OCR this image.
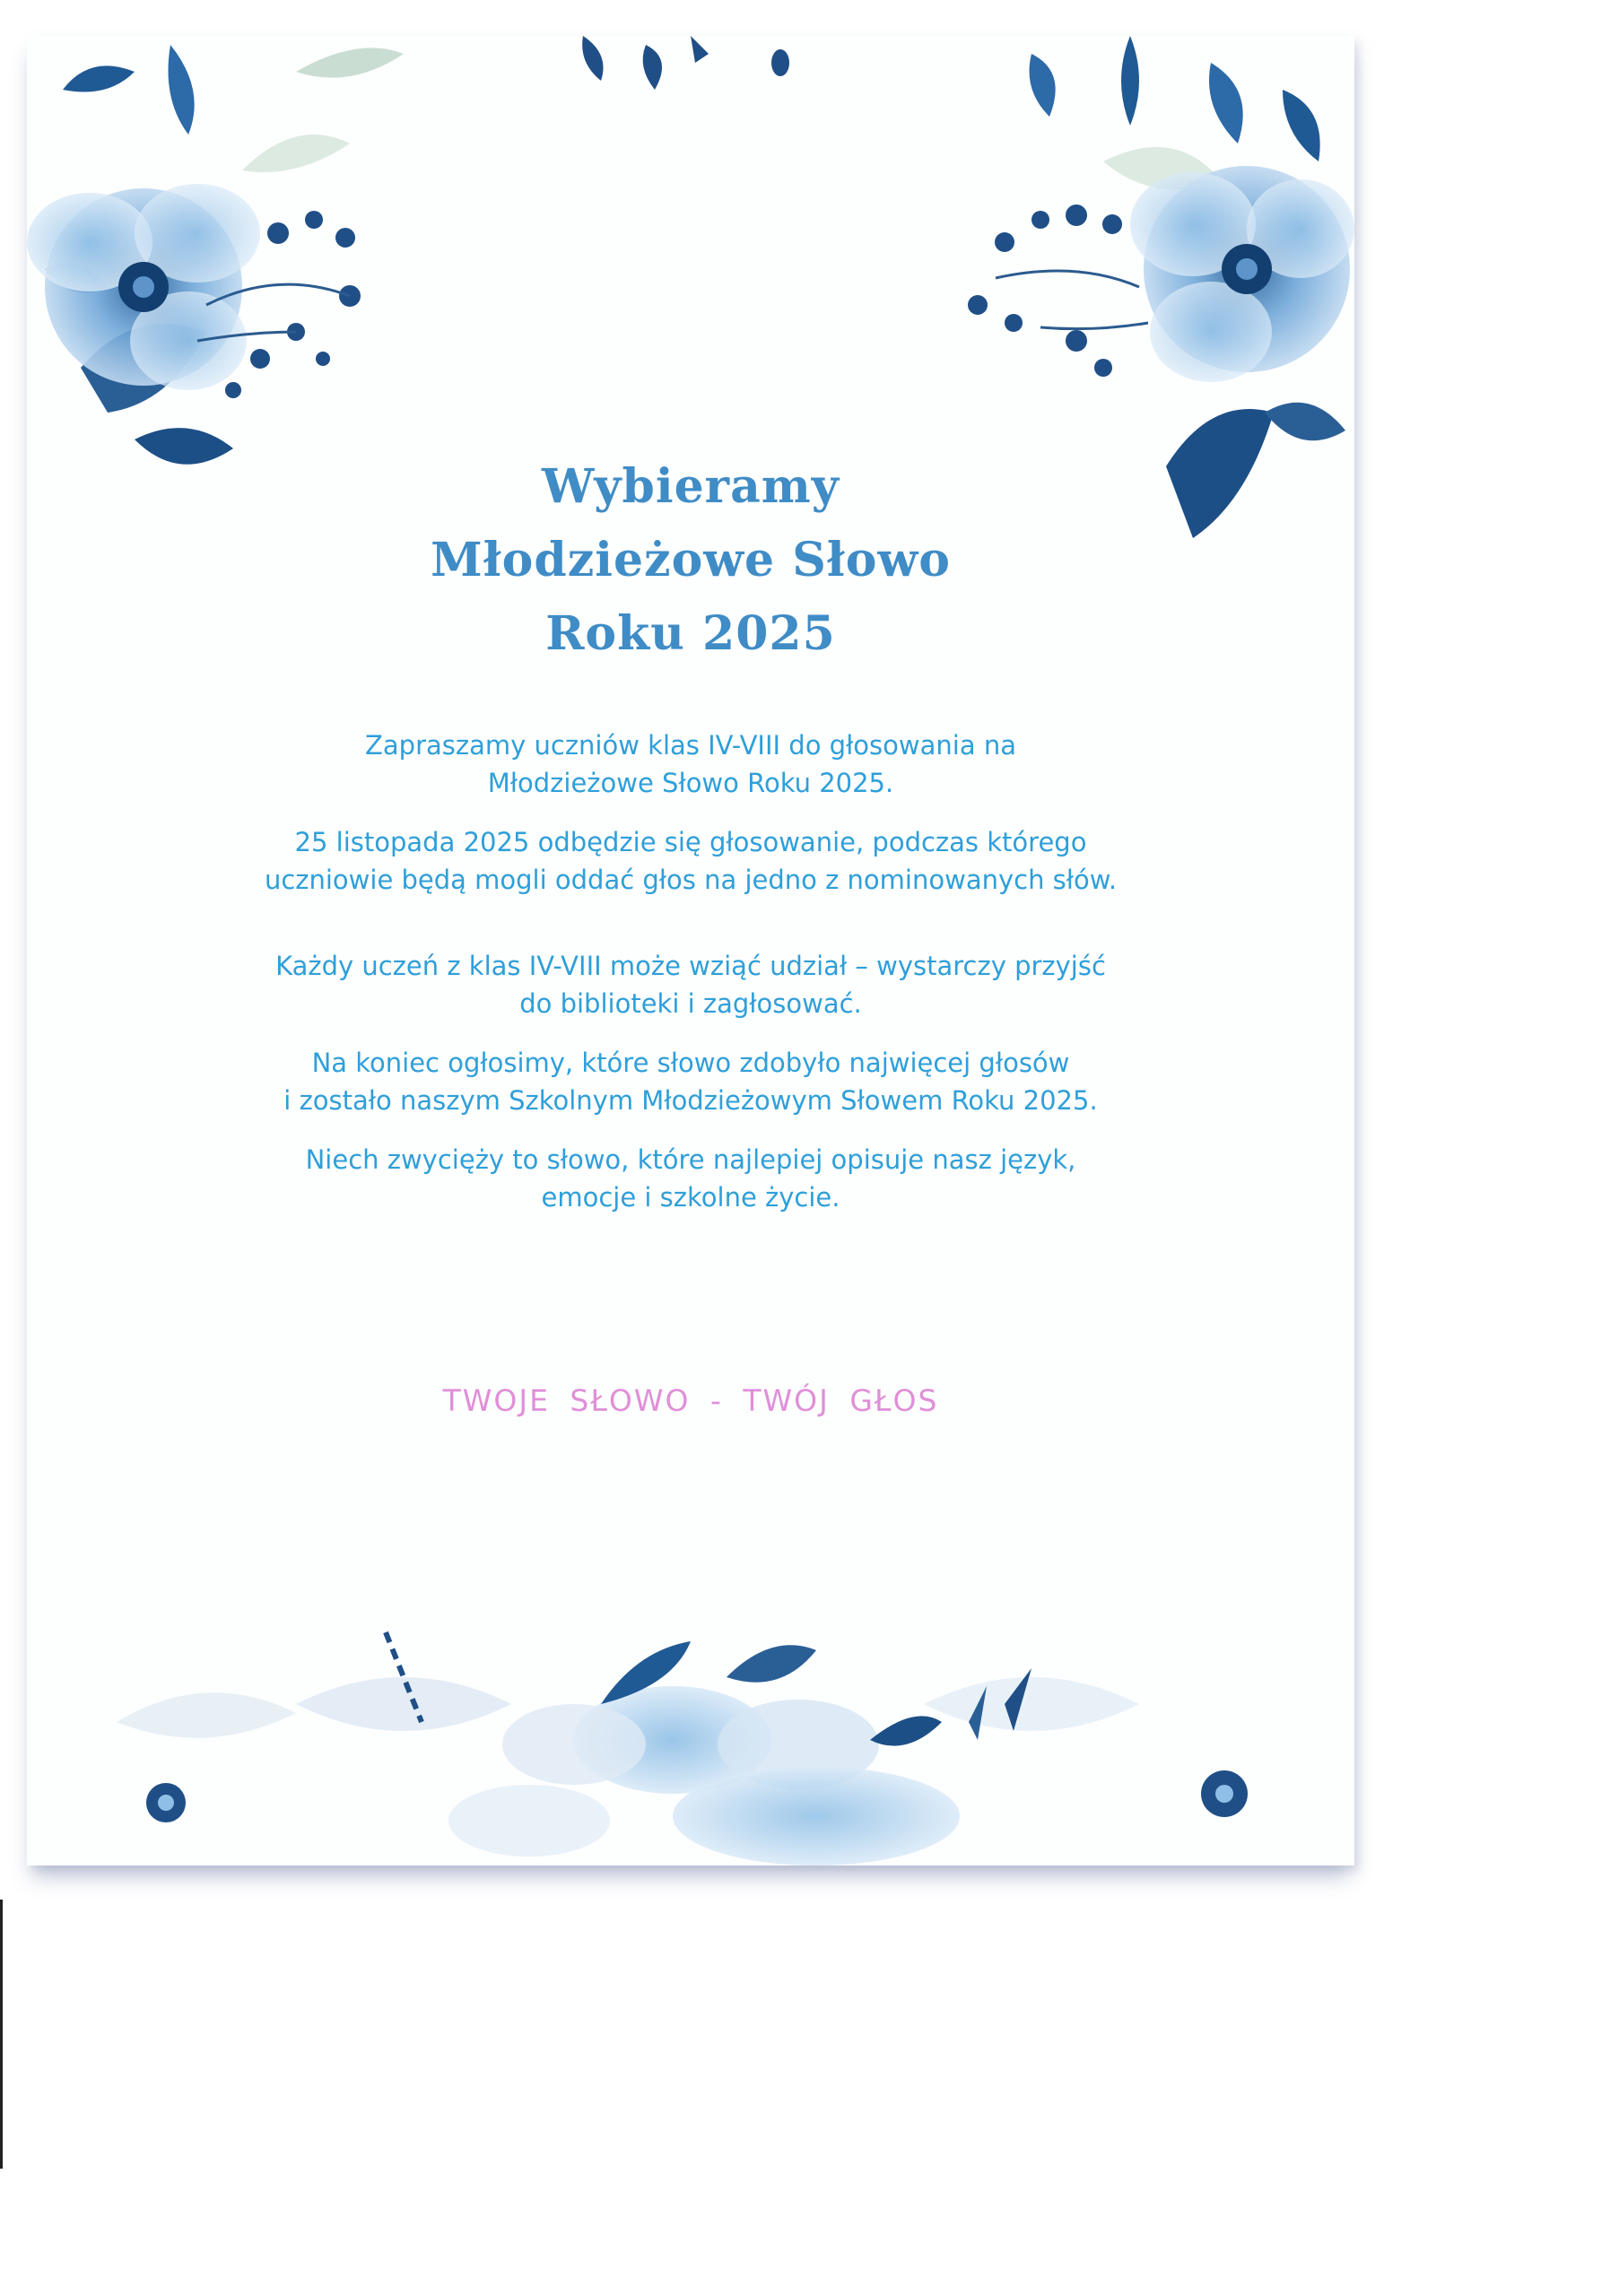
Wybieramy
Młodzieżowe Słowo
Roku 2025

Zapraszamy uczniów klas IV-VIII do głosowania na
Młodzieżowe Słowo Roku 2025.

25 listopada 2025 odbędzie się głosowanie, podczas którego
uczniowie będą mogli oddać głos na jedno z nominowanych słów.

Każdy uczeń z klas IV-VIII może wziąć udział – wystarczy przyjść
do biblioteki i zagłosować.

Na koniec ogłosimy, które słowo zdobyło najwięcej głosów
i zostało naszym Szkolnym Młodzieżowym Słowem Roku 2025.

Niech zwycięży to słowo, które najlepiej opisuje nasz język,
emocje i szkolne życie.

TWOJE SŁOWO - TWÓJ GŁOS
